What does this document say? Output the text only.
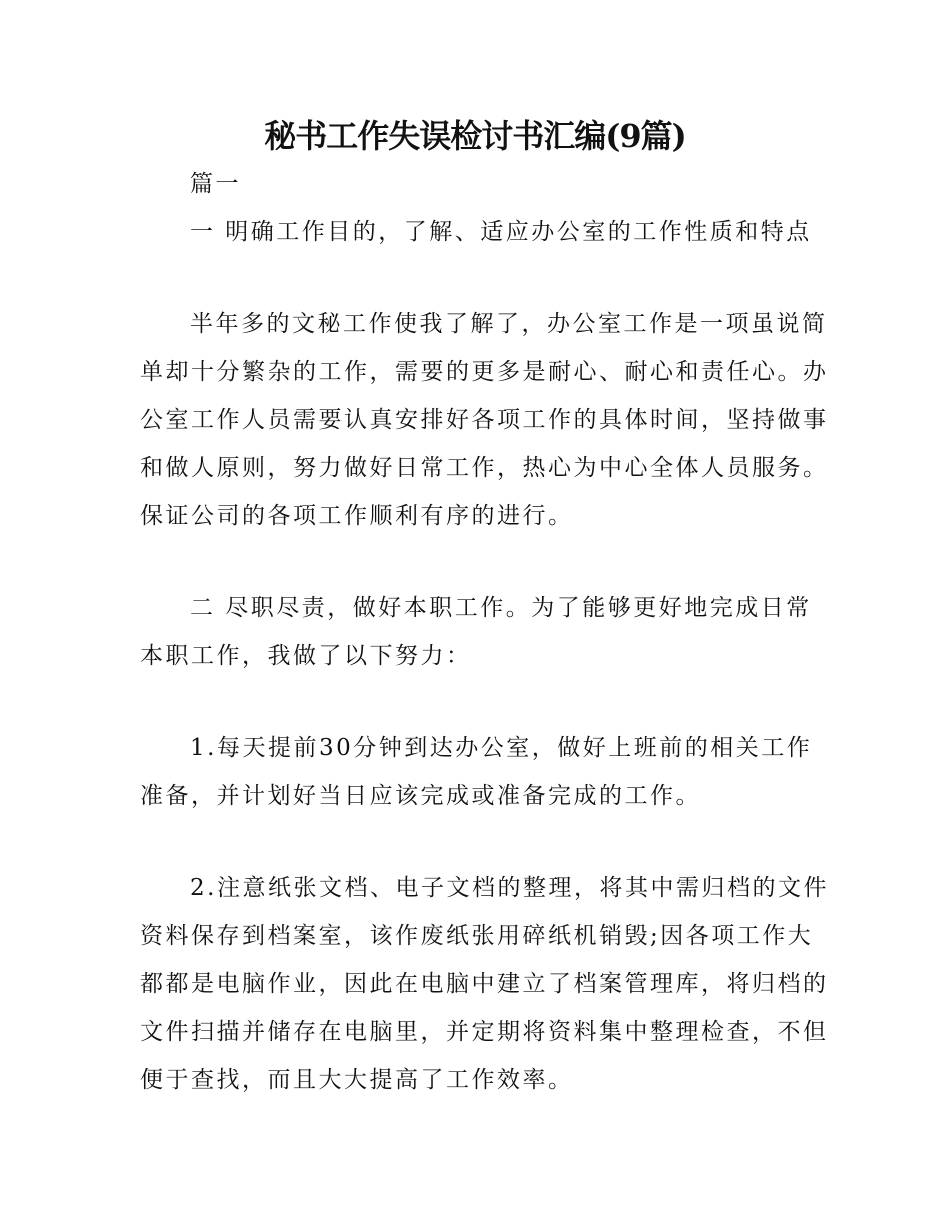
秘书工作失误检讨书汇编(9篇)
篇一
一 明确工作目的，了解、适应办公室的工作性质和特点
半年多的文秘工作使我了解了，办公室工作是一项虽说简
单却十分繁杂的工作，需要的更多是耐心、耐心和责任心。办
公室工作人员需要认真安排好各项工作的具体时间，坚持做事
和做人原则，努力做好日常工作，热心为中心全体人员服务。
保证公司的各项工作顺利有序的进行。
二 尽职尽责，做好本职工作。为了能够更好地完成日常
本职工作，我做了以下努力：
1.每天提前30分钟到达办公室，做好上班前的相关工作
准备，并计划好当日应该完成或准备完成的工作。
2.注意纸张文档、电子文档的整理，将其中需归档的文件
资料保存到档案室，该作废纸张用碎纸机销毁;因各项工作大
都都是电脑作业，因此在电脑中建立了档案管理库，将归档的
文件扫描并储存在电脑里，并定期将资料集中整理检查，不但
便于查找，而且大大提高了工作效率。
